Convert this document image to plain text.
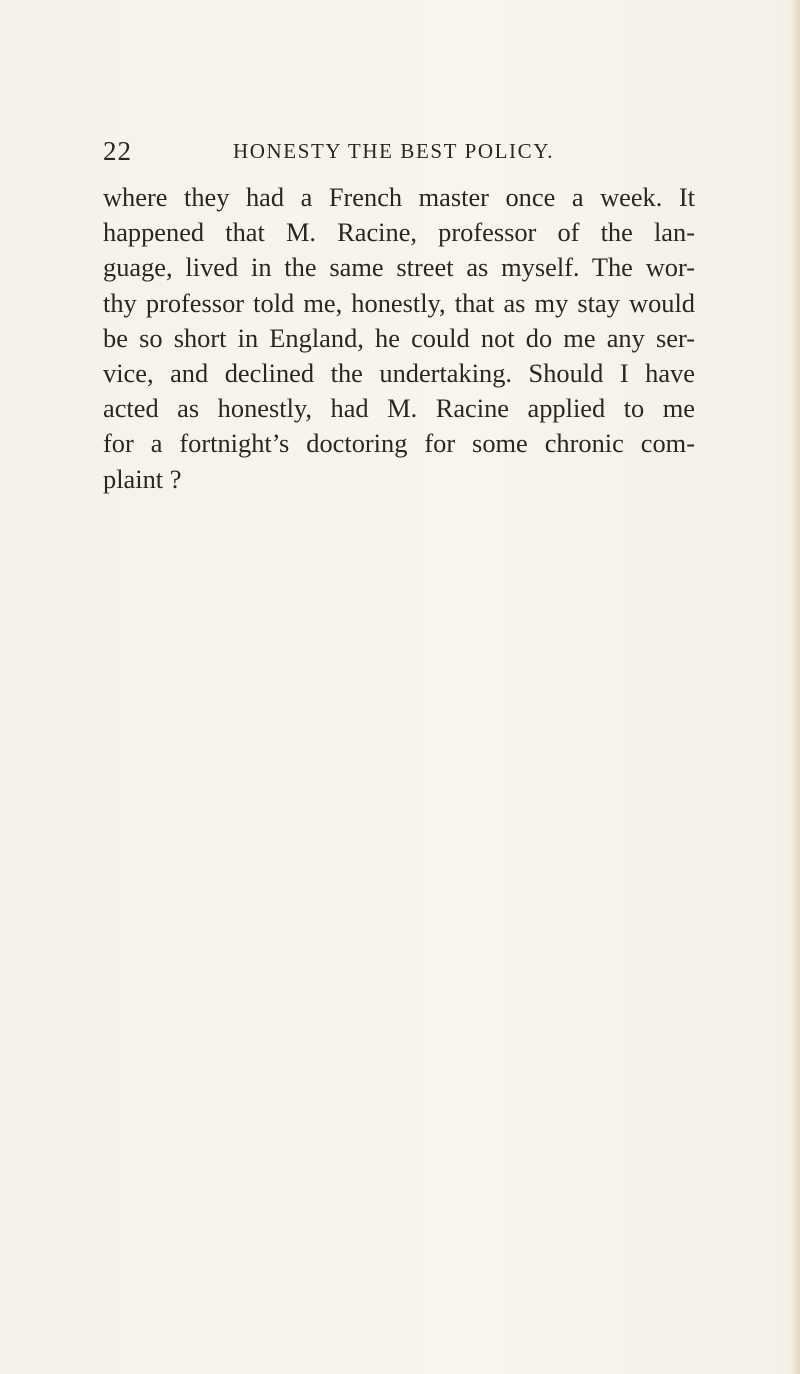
22	HONESTY THE BEST POLICY.
where they had a French master once a week. It
happened that M. Racine, professor of the lan-
guage, lived in the same street as myself. The wor-
thy professor told me, honestly, that as my stay would
be so short in England, he could not do me any ser-
vice, and declined the undertaking. Should I have
acted as honestly, had M. Racine applied to me
for a fortnight’s doctoring for some chronic com-
plaint ?
